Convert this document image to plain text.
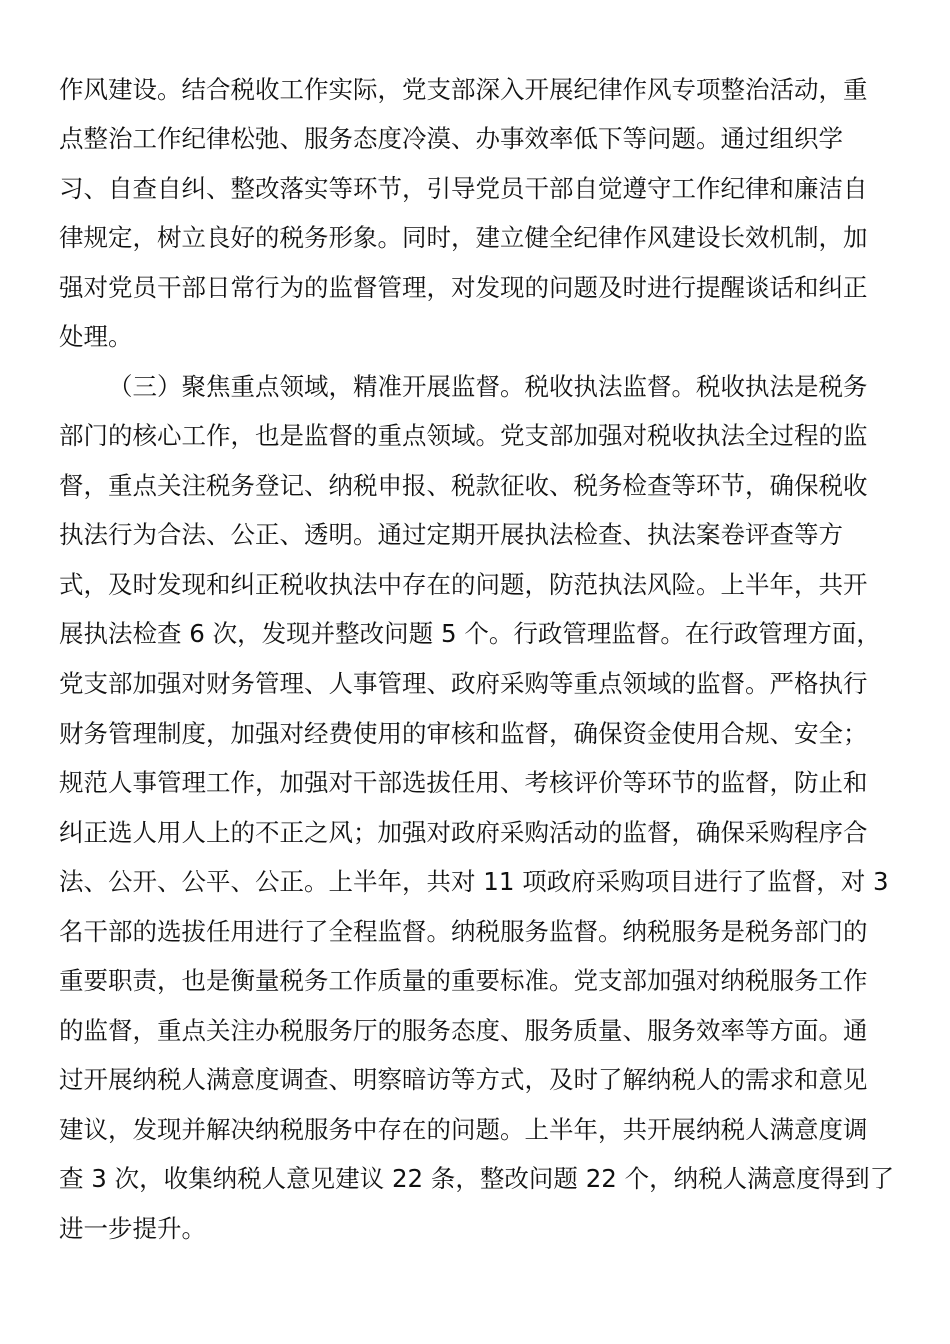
作风建设。结合税收工作实际，党支部深入开展纪律作风专项整治活动，重
点整治工作纪律松弛、服务态度冷漠、办事效率低下等问题。通过组织学
习、自查自纠、整改落实等环节，引导党员干部自觉遵守工作纪律和廉洁自
律规定，树立良好的税务形象。同时，建立健全纪律作风建设长效机制，加
强对党员干部日常行为的监督管理，对发现的问题及时进行提醒谈话和纠正
处理。
（三）聚焦重点领域，精准开展监督。税收执法监督。税收执法是税务
部门的核心工作，也是监督的重点领域。党支部加强对税收执法全过程的监
督，重点关注税务登记、纳税申报、税款征收、税务检查等环节，确保税收
执法行为合法、公正、透明。通过定期开展执法检查、执法案卷评查等方
式，及时发现和纠正税收执法中存在的问题，防范执法风险。上半年，共开
展执法检查 6 次，发现并整改问题 5 个。行政管理监督。在行政管理方面，
党支部加强对财务管理、人事管理、政府采购等重点领域的监督。严格执行
财务管理制度，加强对经费使用的审核和监督，确保资金使用合规、安全；
规范人事管理工作，加强对干部选拔任用、考核评价等环节的监督，防止和
纠正选人用人上的不正之风；加强对政府采购活动的监督，确保采购程序合
法、公开、公平、公正。上半年，共对 11 项政府采购项目进行了监督，对 3
名干部的选拔任用进行了全程监督。纳税服务监督。纳税服务是税务部门的
重要职责，也是衡量税务工作质量的重要标准。党支部加强对纳税服务工作
的监督，重点关注办税服务厅的服务态度、服务质量、服务效率等方面。通
过开展纳税人满意度调查、明察暗访等方式，及时了解纳税人的需求和意见
建议，发现并解决纳税服务中存在的问题。上半年，共开展纳税人满意度调
查 3 次，收集纳税人意见建议 22 条，整改问题 22 个，纳税人满意度得到了
进一步提升。
